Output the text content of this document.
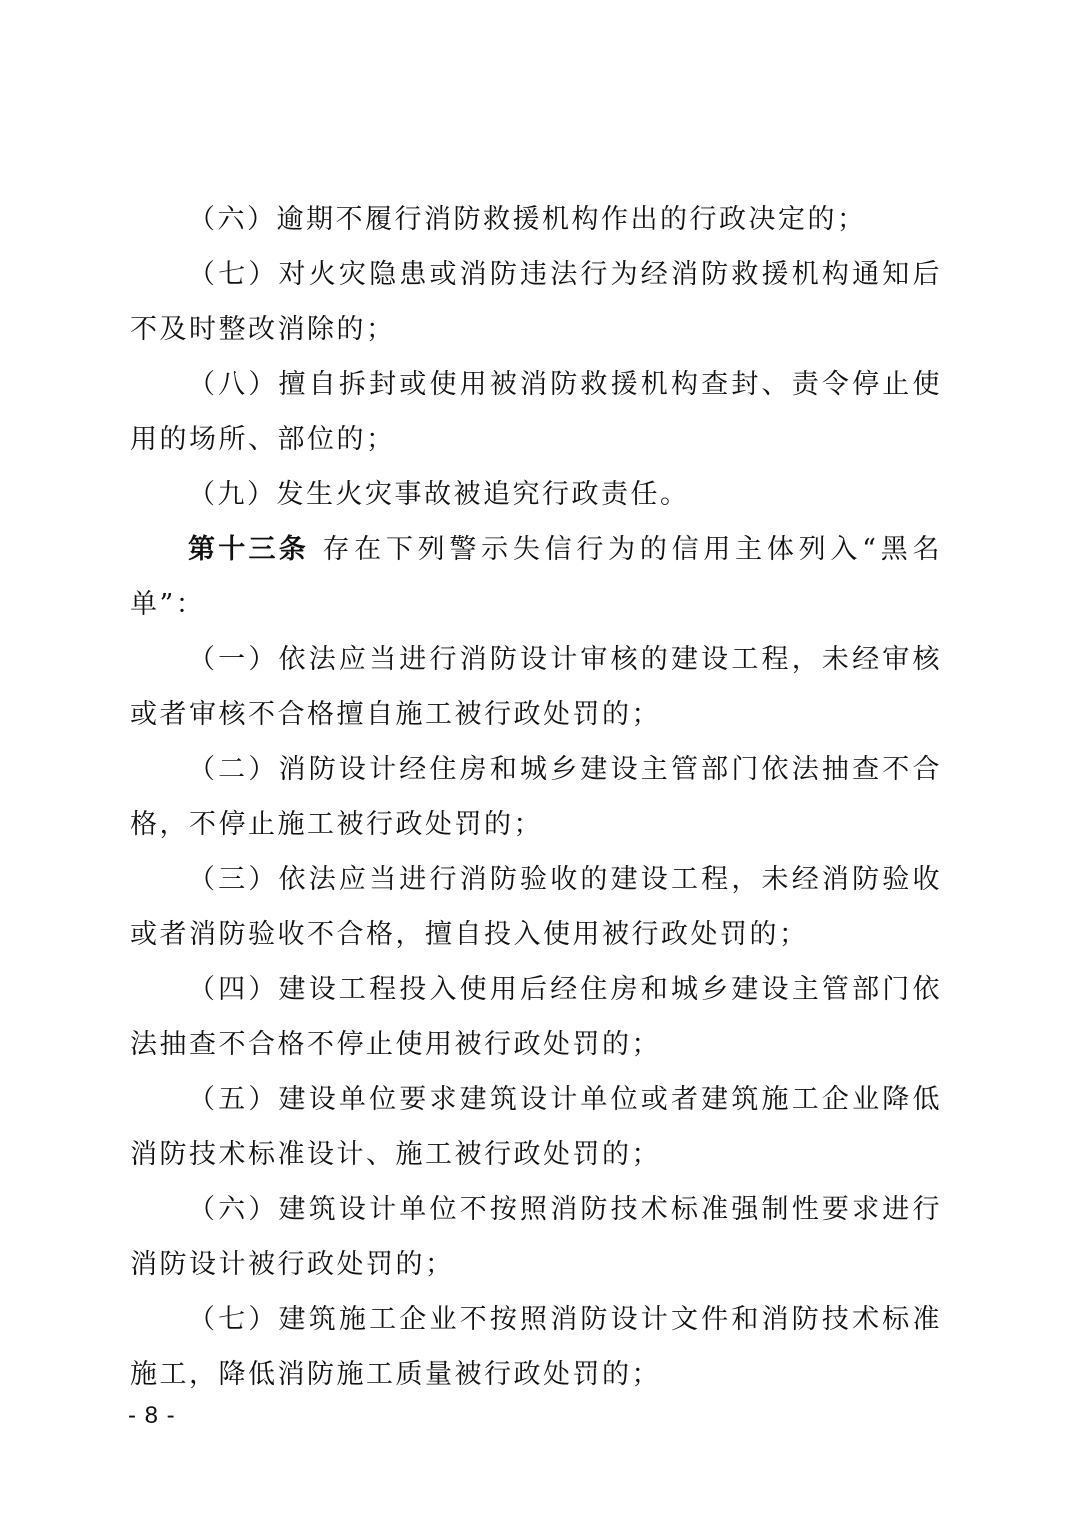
（六）逾期不履行消防救援机构作出的行政决定的；

（七）对火灾隐患或消防违法行为经消防救援机构通知后不及时整改消除的；

（八）擅自拆封或使用被消防救援机构查封、责令停止使用的场所、部位的；

（九）发生火灾事故被追究行政责任。

第十三条 存在下列警示失信行为的信用主体列入“黑名单”：

（一）依法应当进行消防设计审核的建设工程，未经审核或者审核不合格擅自施工被行政处罚的；

（二）消防设计经住房和城乡建设主管部门依法抽查不合格，不停止施工被行政处罚的；

（三）依法应当进行消防验收的建设工程，未经消防验收或者消防验收不合格，擅自投入使用被行政处罚的；

（四）建设工程投入使用后经住房和城乡建设主管部门依法抽查不合格不停止使用被行政处罚的；

（五）建设单位要求建筑设计单位或者建筑施工企业降低消防技术标准设计、施工被行政处罚的；

（六）建筑设计单位不按照消防技术标准强制性要求进行消防设计被行政处罚的；

（七）建筑施工企业不按照消防设计文件和消防技术标准施工，降低消防施工质量被行政处罚的；

- 8 -
